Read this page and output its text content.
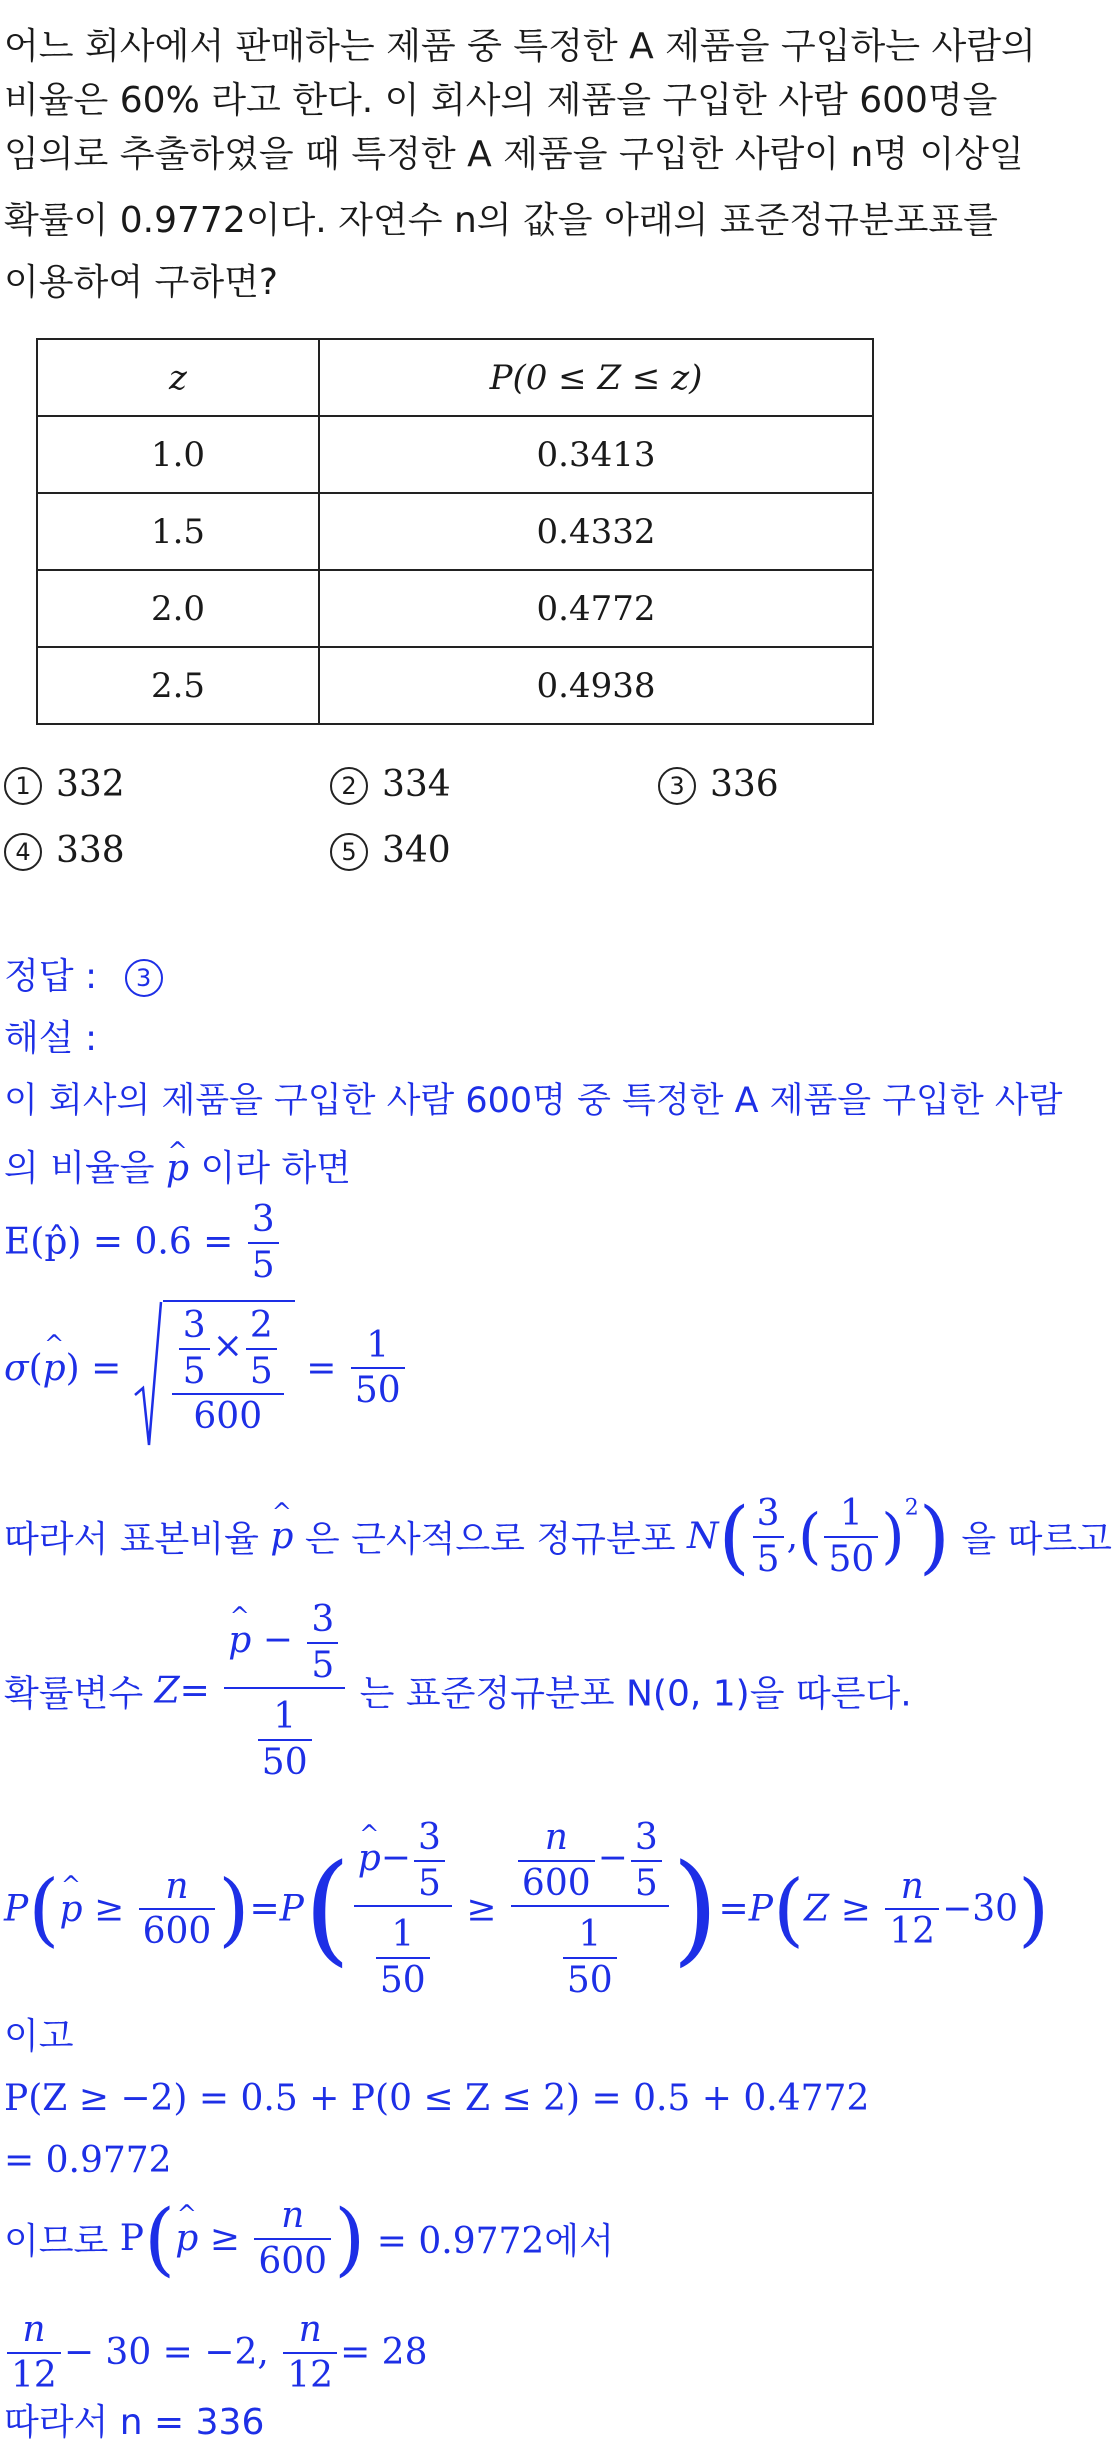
어느 회사에서 판매하는 제품 중 특정한 A 제품을 구입하는 사람의
비율은 60% 라고 한다. 이 회사의 제품을 구입한 사람 600명을
임의로 추출하였을 때 특정한 A 제품을 구입한 사람이 n명 이상일
확률이 0.9772이다. 자연수 n의 값을 아래의 표준정규분포표를
이용하여 구하면?
z	P(0 ≤ Z ≤ z)
1.0	0.3413
1.5	0.4332
2.0	0.4772
2.5	0.4938
1 332	2 334	3 336
4 338	5 340
정답 : 3
해설 :
이 회사의 제품을 구입한 사람 600명 중 특정한 A 제품을 구입한 사람
의 비율을 ^ p 이라 하면
E(p̂) = $0.6 = \frac{3}{5}$
σ(^ $p) = \frac{\frac{3}{5} \times \frac{2}{5}}{600} = \frac{1}{50}$
따라서 표본비율 ^ p 은 근사적으로 정규분포 $N( \frac{3}{5}$ ,( $\frac{1}{50} )^2$) 을 따르고
확률변수 Z= ^ $\frac{p - \frac{3}{5}}{\frac{1}{50}}$ 는 표준정규분포 N(0, 1)을 따른다.
P(^ $p \ge \frac{n}{600} )=P$( ^ $\frac{p- \frac{3}{5}}{\frac{1}{50}} \ge \frac{\frac{n}{600} - \frac{3}{5}}{\frac{1}{50}} )=P(Z \ge \frac{n}{12} -30)$
이고
P(Z ≥ −2) = 0.5 + P(0 ≤ Z ≤ 2) = 0.5 + 0.4772
= 0.9772
이므로 P(^ $p \ge \frac{n}{600}$ ) = 0.9772에서
$\frac{n}{12} - 30 = -2$, $\frac{n}{12} = 28$
따라서 n = 336
